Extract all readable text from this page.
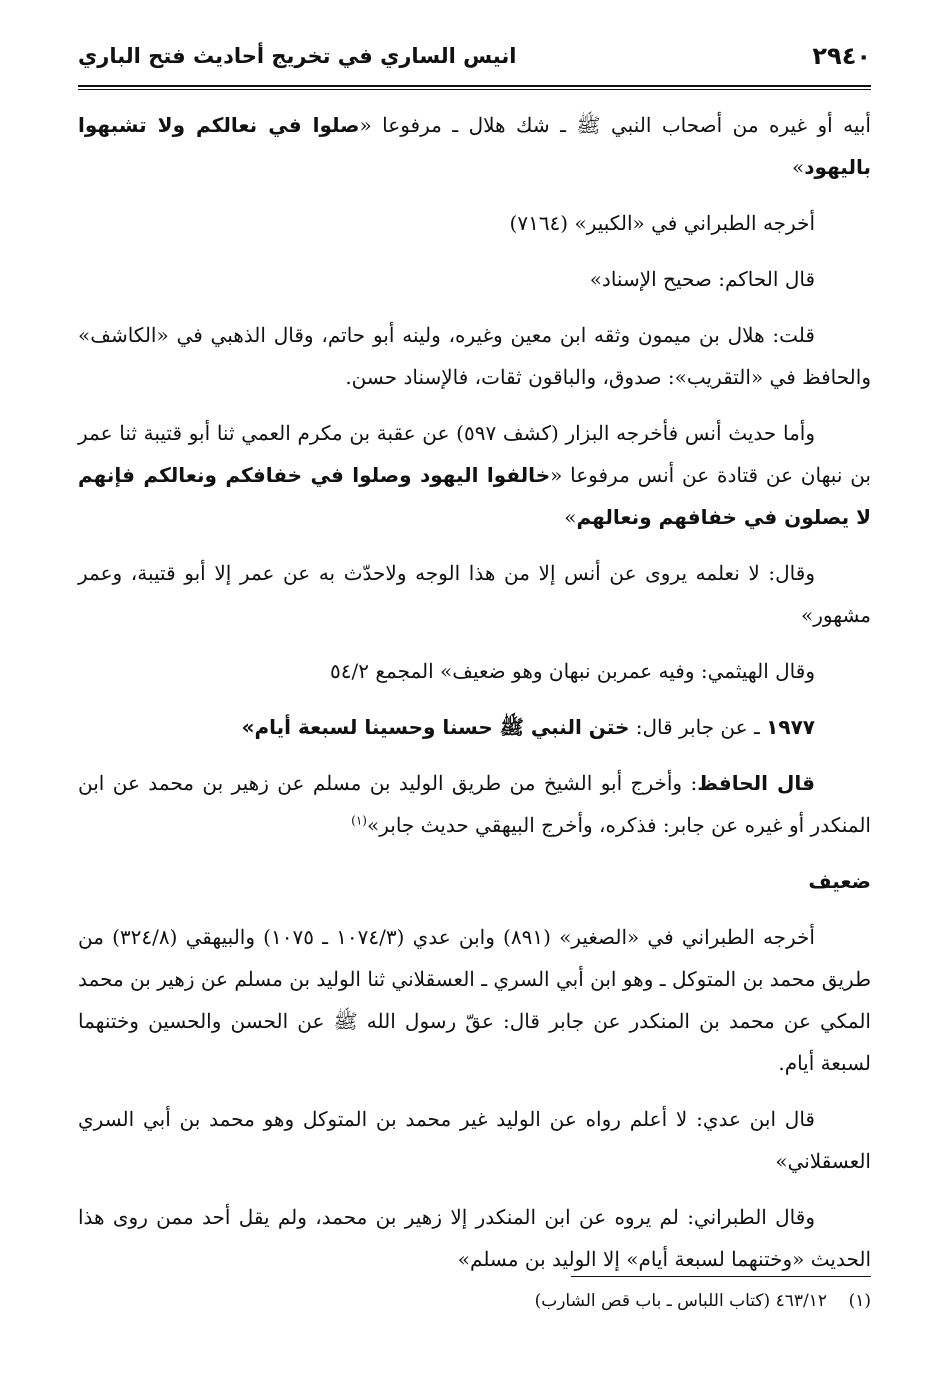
٢٩٤٠
انيس الساري في تخريج أحاديث فتح الباري

أبيه أو غيره من أصحاب النبي ﷺ ـ شك هلال ـ مرفوعا «صلوا في نعالكم ولا تشبهوا باليهود»

أخرجه الطبراني في «الكبير» (٧١٦٤)

قال الحاكم: صحيح الإسناد»

قلت: هلال بن ميمون وثقه ابن معين وغيره، ولينه أبو حاتم، وقال الذهبي في «الكاشف» والحافظ في «التقريب»: صدوق، والباقون ثقات، فالإسناد حسن.

وأما حديث أنس فأخرجه البزار (كشف ٥٩٧) عن عقبة بن مكرم العمي ثنا أبو قتيبة ثنا عمر بن نبهان عن قتادة عن أنس مرفوعا «خالفوا اليهود وصلوا في خفافكم ونعالكم فإنهم لا يصلون في خفافهم ونعالهم»

وقال: لا نعلمه يروى عن أنس إلا من هذا الوجه ولاحدّث به عن عمر إلا أبو قتيبة، وعمر مشهور»

وقال الهيثمي: وفيه عمربن نبهان وهو ضعيف» المجمع ٥٤/٢

١٩٧٧ ـ عن جابر قال: ختن النبي ﷺ حسنا وحسينا لسبعة أيام»

قال الحافظ: وأخرج أبو الشيخ من طريق الوليد بن مسلم عن زهير بن محمد عن ابن المنكدر أو غيره عن جابر: فذكره، وأخرج البيهقي حديث جابر»$^{(١)}$

ضعيف

أخرجه الطبراني في «الصغير» (٨٩١) وابن عدي (١٠٧٤/٣ ـ ١٠٧٥) والبيهقي (٣٢٤/٨) من طريق محمد بن المتوكل ـ وهو ابن أبي السري ـ العسقلاني ثنا الوليد بن مسلم عن زهير بن محمد المكي عن محمد بن المنكدر عن جابر قال: عقّ رسول الله ﷺ عن الحسن والحسين وختنهما لسبعة أيام.

قال ابن عدي: لا أعلم رواه عن الوليد غير محمد بن المتوكل وهو محمد بن أبي السري العسقلاني»

وقال الطبراني: لم يروه عن ابن المنكدر إلا زهير بن محمد، ولم يقل أحد ممن روى هذا الحديث «وختنهما لسبعة أيام» إلا الوليد بن مسلم»

(١)    ٤٦٣/١٢ (كتاب اللباس ـ باب قص الشارب)
